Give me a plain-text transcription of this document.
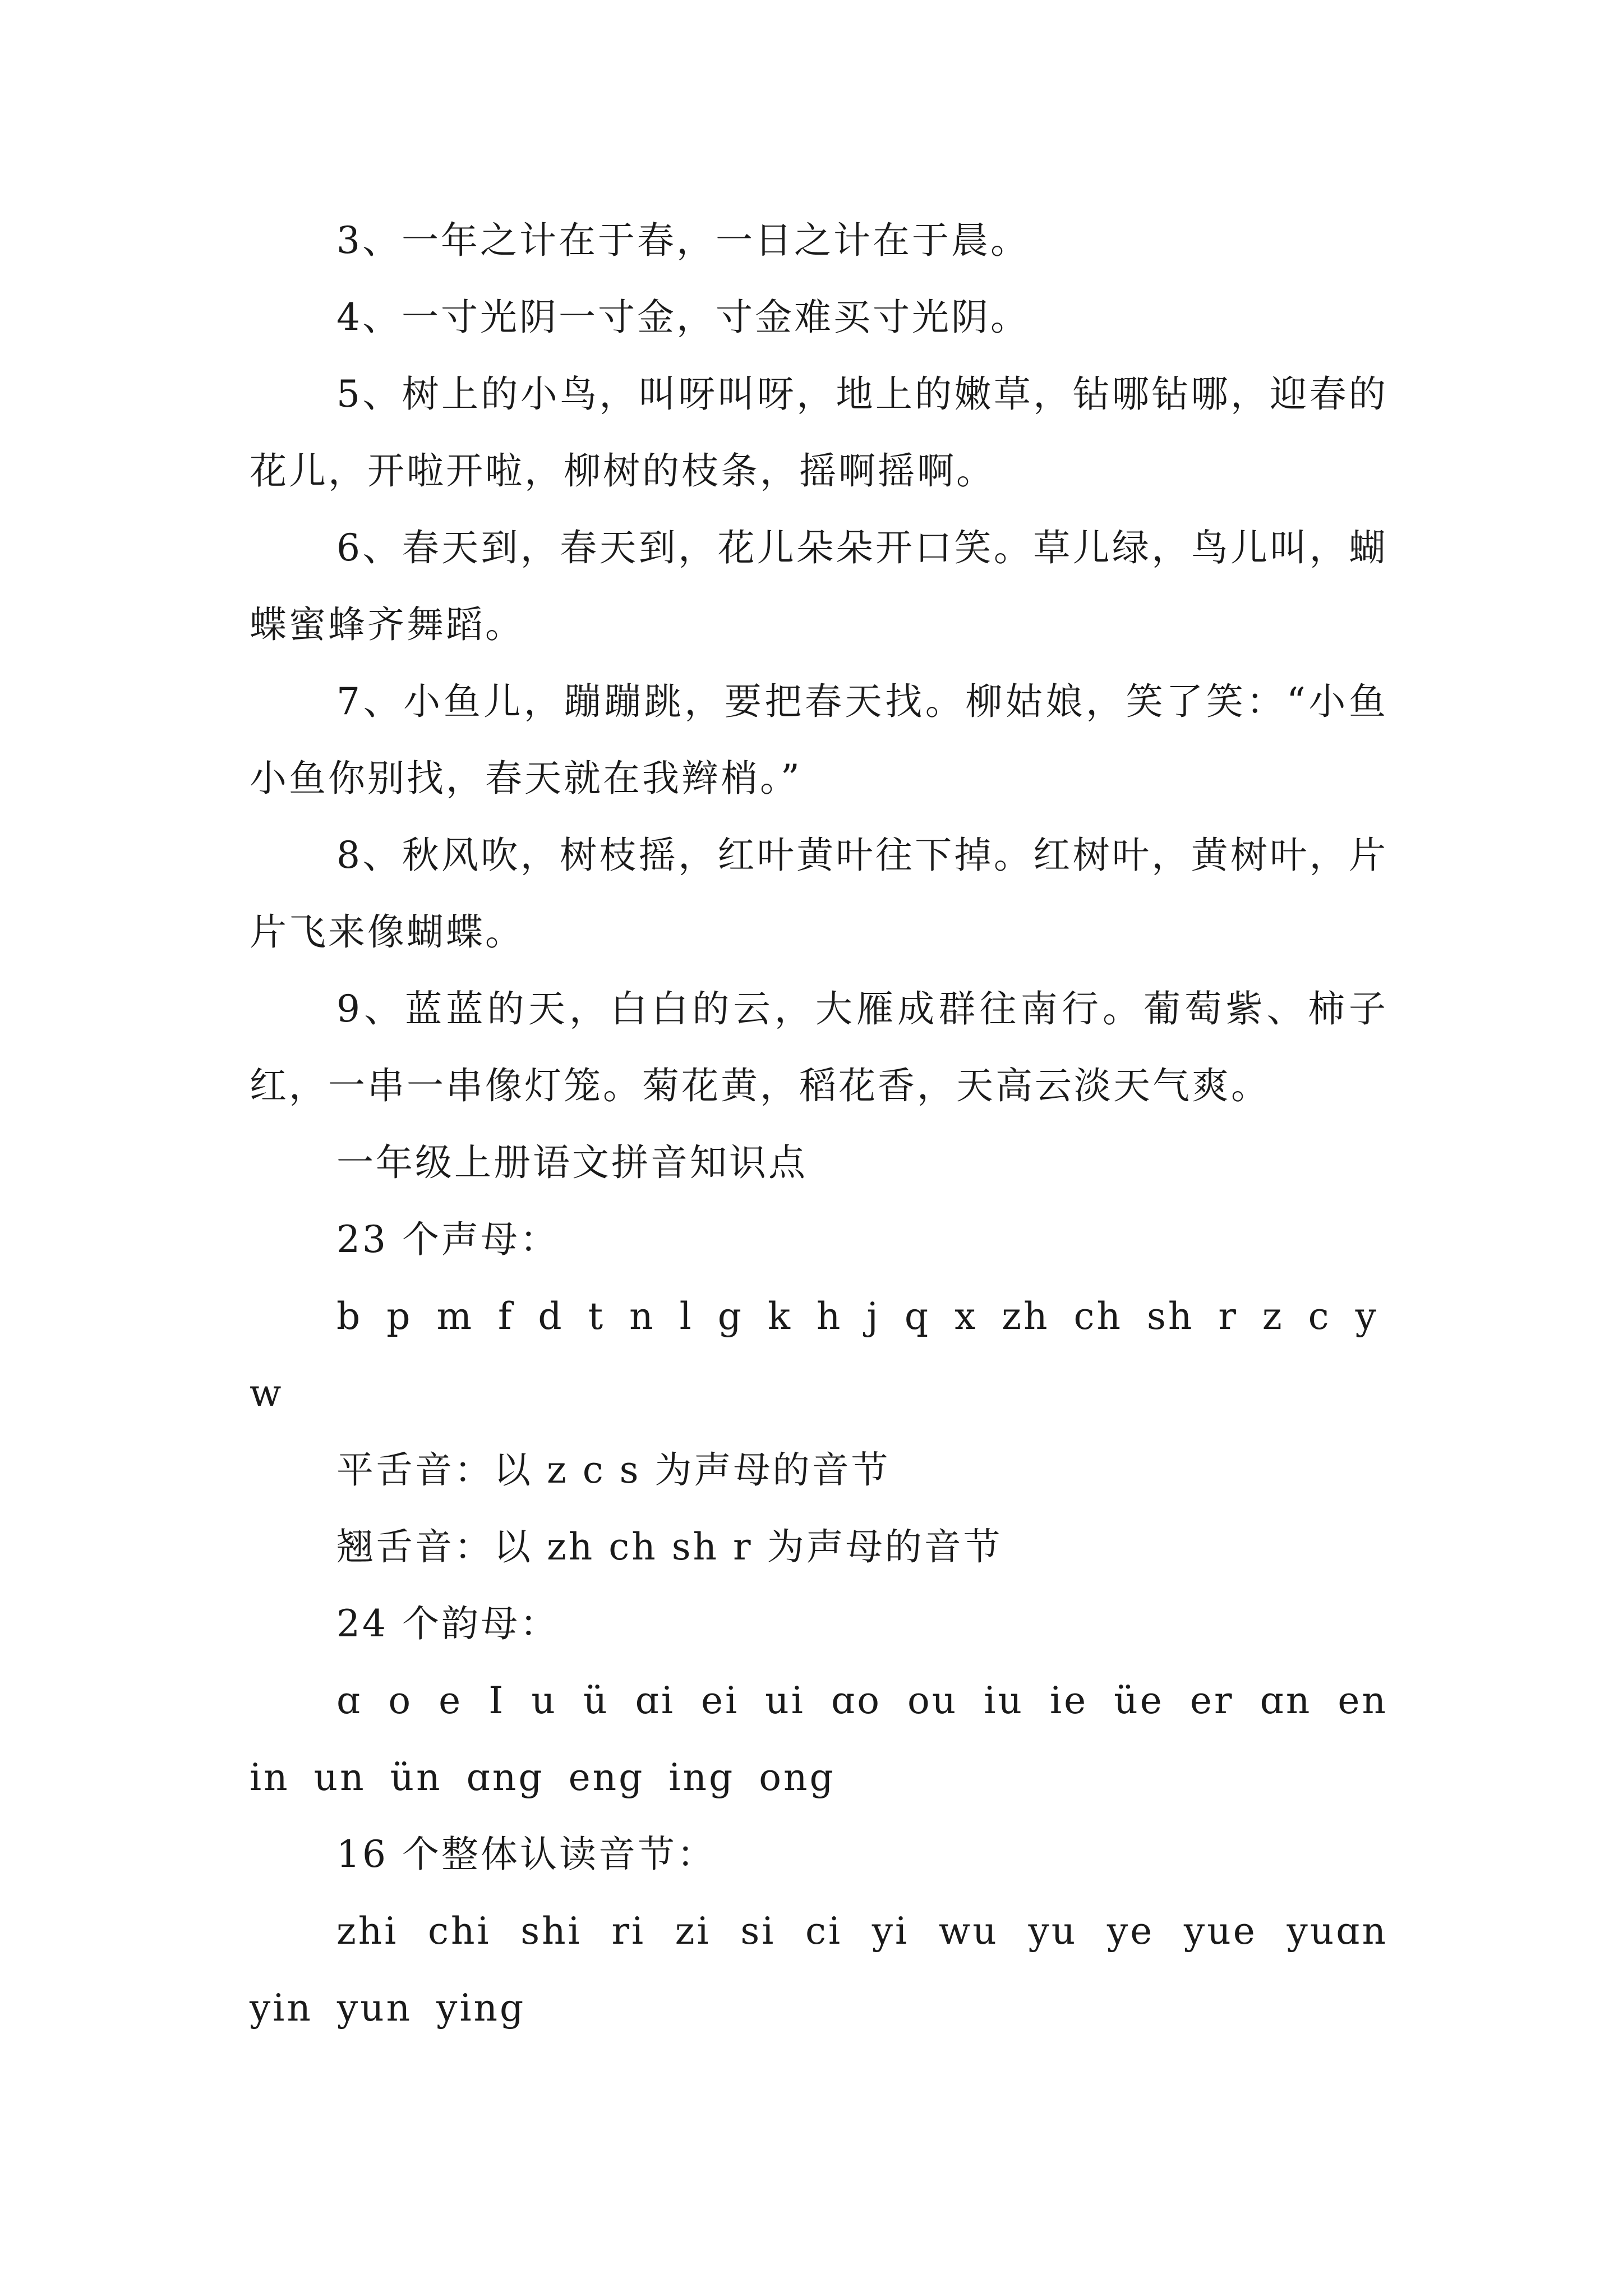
3、一年之计在于春，一日之计在于晨。

4、一寸光阴一寸金，寸金难买寸光阴。

5、树上的小鸟，叫呀叫呀，地上的嫩草，钻哪钻哪，迎春的花儿，开啦开啦，柳树的枝条，摇啊摇啊。

6、春天到，春天到，花儿朵朵开口笑。草儿绿，鸟儿叫，蝴蝶蜜蜂齐舞蹈。

7、小鱼儿，蹦蹦跳，要把春天找。柳姑娘，笑了笑：“小鱼小鱼你别找，春天就在我辫梢。”

8、秋风吹，树枝摇，红叶黄叶往下掉。红树叶，黄树叶，片片飞来像蝴蝶。

9、蓝蓝的天，白白的云，大雁成群往南行。葡萄紫、柿子红，一串一串像灯笼。菊花黄，稻花香，天高云淡天气爽。

一年级上册语文拼音知识点

23 个声母：

b p m f d t n l g k h j q x zh ch sh r z c y w

平舌音：以 z c s 为声母的音节

翘舌音：以 zh ch sh r 为声母的音节

24 个韵母：

ɑ o e I u ü ɑi ei ui ɑo ou iu ie üe er ɑn en in un ün ɑng eng ing ong

16 个整体认读音节：

zhi chi shi ri zi si ci yi wu yu ye yue yuɑn yin yun ying
